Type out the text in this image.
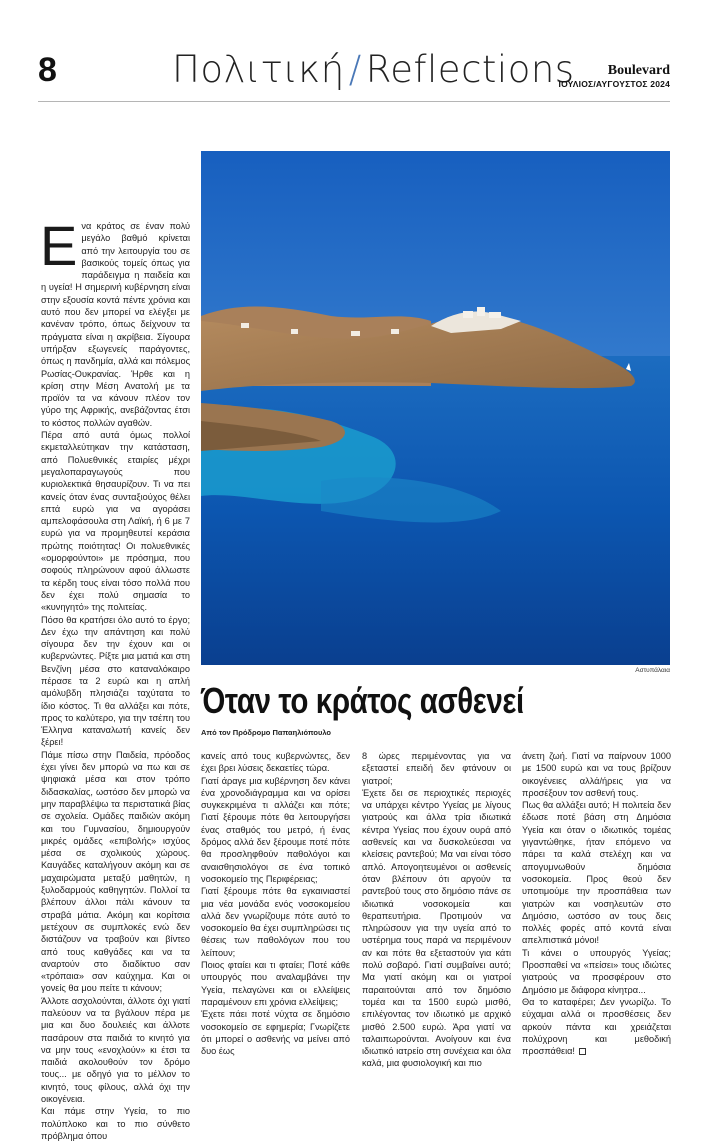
8	Πολιτική / Reflections	Boulevard
ΙΟΥΛΙΟΣ/ΑΥΓΟΥΣΤΟΣ 2024
Ε να κράτος σε έναν πολύ μεγάλο βαθμό κρίνεται από την λειτουργία του σε βασικούς τομείς όπως για παράδειγμα η παιδεία και η υγεία! Η σημερινή κυβέρνηση είναι στην εξουσία κοντά πέντε χρόνια και αυτό που δεν μπορεί να ελέγξει με κανέναν τρόπο, όπως δείχνουν τα πράγματα είναι η ακρίβεια. Σίγουρα υπήρξαν εξωγενείς παράγοντες, όπως η πανδημία, αλλά και πόλεμος Ρωσίας-Ουκρανίας. Ήρθε και η κρίση στην Μέση Ανατολή με τα προϊόν τα να κάνουν πλέον τον γύρο της Αφρικής, ανεβάζοντας έτσι το κόστος πολλών αγαθών.

Πέρα από αυτά όμως πολλοί εκμεταλλεύτηκαν την κατάσταση, από Πολυεθνικές εταιρίες μέχρι μεγαλοπαραγωγούς που κυριολεκτικά θησαυρίζουν. Τι να πει κανείς όταν ένας συνταξιούχος θέλει επτά ευρώ για να αγοράσει αμπελοφάσουλα στη Λαϊκή, ή 6 με 7 ευρώ για να προμηθευτεί κεράσια πρώτης ποιότητας! Οι πολυεθνικές «ομορφούντοι» με πρόσημα, που σοφούς πληρώνουν αφού άλλωστε τα κέρδη τους είναι τόσο πολλά που δεν έχει πολύ σημασία το «κυνηγητό» της πολιτείας.

Πόσο θα κρατήσει όλο αυτό το έργο; Δεν έχω την απάντηση και πολύ σίγουρα δεν την έχουν και οι κυβερνώντες. Ρίξτε μια ματιά και στη Βενζίνη μέσα στο καταναλόκαιρο πέρασε τα 2 ευρώ και η απλή αμόλυβδη πλησιάζει ταχύτατα το ίδιο κόστος. Τι θα αλλάξει και πότε, προς το καλύτερο, για την τσέπη του Έλληνα καταναλωτή κανείς δεν ξέρει!

Πάμε πίσω στην Παιδεία, πρόοδος έχει γίνει δεν μπορώ να πω και σε ψηφιακά μέσα και στον τρόπο διδασκαλίας, ωστόσο δεν μπορώ να μην παραβλέψω τα περιστατικά βίας σε σχολεία. Ομάδες παιδιών ακόμη και του Γυμνασίου, δημιουργούν μικρές ομάδες «επιβολής» ισχύος μέσα σε σχολικούς χώρους. Καυγάδες καταλήγουν ακόμη και σε μαχαιρώματα μεταξύ μαθητών, η ξυλοδαρμούς καθηγητών. Πολλοί τα βλέπουν άλλοι πάλι κάνουν τα στραβά μάτια. Ακόμη και κορίτσια μετέχουν σε συμπλοκές ενώ δεν διστάζουν να τραβούν και βίντεο από τους καθγάδες και να τα αναρτούν στο διαδίκτυο σαν «τρόπαια» σαν καύχημα. Και οι γονείς θα μου πείτε τι κάνουν;

Άλλοτε ασχολούνται, άλλοτε όχι γιατί παλεύουν να τα βγάλουν πέρα με μια και δυο δουλειές και άλλοτε πασάρουν στα παιδιά το κινητό για να μην τους «ενοχλούν» κι έτσι τα παιδιά ακολουθούν τον δρόμο τους... με οδηγό για το μέλλον το κινητό, τους φίλους, αλλά όχι την οικογένεια.

Και πάμε στην Υγεία, το πιο πολύπλοκο και το πιο σύνθετο πρόβλημα όπου

Αστυπάλαια
Όταν το κράτος ασθενεί
Από τον Πρόδρομο Παπαηλιόπουλο

κανείς από τους κυβερνώντες, δεν έχει βρει λύσεις δεκαετίες τώρα.

Γιατί άραγε μια κυβέρνηση δεν κάνει ένα χρονοδιάγραμμα και να ορίσει συγκεκριμένα τι αλλάζει και πότε; Γιατί ξέρουμε πότε θα λειτουργήσει ένας σταθμός του μετρό, ή ένας δρόμος αλλά δεν ξέρουμε ποτέ πότε θα προσληφθούν παθολόγοι και αναισθησιολόγοι σε ένα τοπικό νοσοκομείο της Περιφέρειας;

Γιατί ξέρουμε πότε θα εγκαινιαστεί μια νέα μονάδα ενός νοσοκομείου αλλά δεν γνωρίζουμε πότε αυτό το νοσοκομείο θα έχει συμπληρώσει τις θέσεις των παθολόγων που του λείπουν;

Ποιος φταίει και τι φταίει; Ποτέ κάθε υπουργός που αναλαμβάνει την Υγεία, πελαγώνει και οι ελλείψεις παραμένουν επι χρόνια ελλείψεις;

Έχετε πάει ποτέ νύχτα σε δημόσιο νοσοκομείο σε εφημερία; Γνωρίζετε ότι μπορεί ο ασθενής να μείνει από δυο έως

8 ώρες περιμένοντας για να εξεταστεί επειδή δεν φτάνουν οι γιατροί;

Έχετε δει σε περιοχτικές περιοχές να υπάρχει κέντρο Υγείας με λίγους γιατρούς και άλλα τρία ιδιωτικά κέντρα Υγείας που έχουν ουρά από ασθενείς και να δυσκολεύεσαι να κλείσεις ραντεβού; Μα ναι είναι τόσο απλό. Απογοητευμένοι οι ασθενείς όταν βλέπουν ότι αργούν τα ραντεβού τους στο δημόσιο πάνε σε ιδιωτικά νοσοκομεία και θεραπευτήρια. Προτιμούν να πληρώσουν για την υγεία από το υστέρημα τους παρά να περιμένουν αν και πότε θα εξεταστούν για κάτι πολύ σοβαρό. Γιατί συμβαίνει αυτό; Μα γιατί ακόμη και οι γιατροί παραιτούνται από τον δημόσιο τομέα και τα 1500 ευρώ μισθό, επιλέγοντας τον ιδιωτικό με αρχικό μισθό 2.500 ευρώ. Άρα γιατί να ταλαιπωρούνται. Ανοίγουν και ένα ιδιωτικό ιατρείο στη συνέχεια και όλα καλά, μια φυσιολογική και πιο

άνετη ζωή. Γιατί να παίρνουν 1000 με 1500 ευρώ και να τους βρίζουν οικογένειες αλλά/ήρεις για να προσέξουν τον ασθενή τους.

Πως θα αλλάξει αυτό; Η πολιτεία δεν έδωσε ποτέ βάση στη Δημόσια Υγεία και όταν ο ιδιωτικός τομέας γιγαντώθηκε, ήταν επόμενο να πάρει τα καλά στελέχη και να απογυμνωθούν δημόσια νοσοκομεία. Προς θεού δεν υποτιμούμε την προσπάθεια των γιατρών και νοσηλευτών στο Δημόσιο, ωστόσο αν τους δεις πολλές φορές από κοντά είναι απελπιστικά μόνοι!

Τι κάνει ο υπουργός Υγείας; Προσπαθεί να «πείσει» τους ιδιώτες γιατρούς να προσφέρουν στο Δημόσιο με διάφορα κίνητρα...

Θα το καταφέρει; Δεν γνωρίζω. Το εύχαμαι αλλά οι προσθέσεις δεν αρκούν πάντα και χρειάζεται πολύχρονη και μεθοδική προσπάθεια!
